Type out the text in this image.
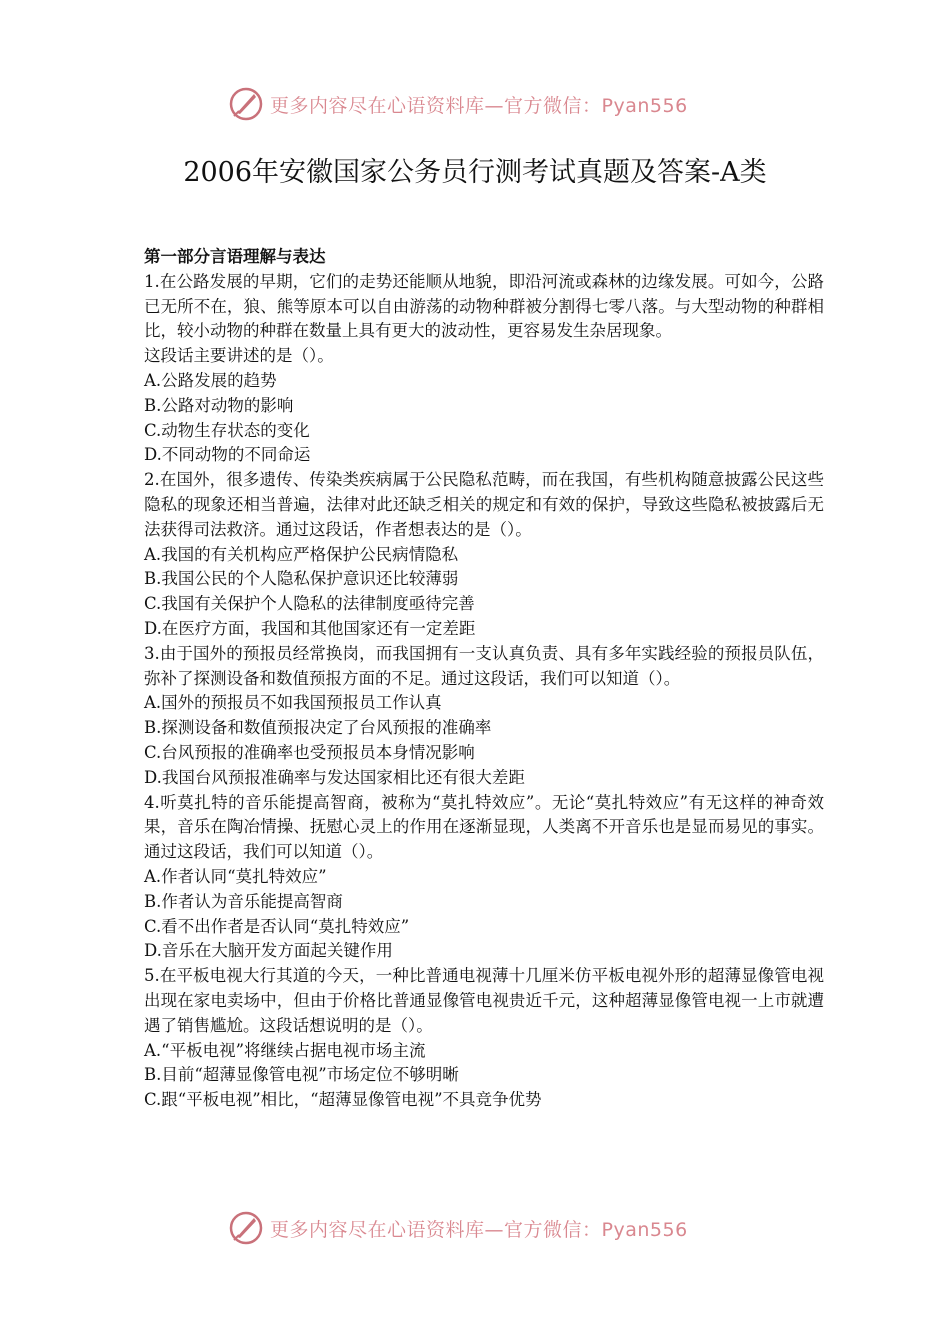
更多内容尽在心语资料库—官方微信：Pyan556
2006年安徽国家公务员行测考试真题及答案-A类

第一部分言语理解与表达

1.在公路发展的早期，它们的走势还能顺从地貌，即沿河流或森林的边缘发展。可如今，公路已无所不在，狼、熊等原本可以自由游荡的动物种群被分割得七零八落。与大型动物的种群相比，较小动物的种群在数量上具有更大的波动性，更容易发生杂居现象。

这段话主要讲述的是（）。

A.公路发展的趋势

B.公路对动物的影响

C.动物生存状态的变化

D.不同动物的不同命运

2.在国外，很多遗传、传染类疾病属于公民隐私范畴，而在我国，有些机构随意披露公民这些隐私的现象还相当普遍，法律对此还缺乏相关的规定和有效的保护，导致这些隐私被披露后无法获得司法救济。通过这段话，作者想表达的是（）。

A.我国的有关机构应严格保护公民病情隐私

B.我国公民的个人隐私保护意识还比较薄弱

C.我国有关保护个人隐私的法律制度亟待完善

D.在医疗方面，我国和其他国家还有一定差距

3.由于国外的预报员经常换岗，而我国拥有一支认真负责、具有多年实践经验的预报员队伍，弥补了探测设备和数值预报方面的不足。通过这段话，我们可以知道（）。

A.国外的预报员不如我国预报员工作认真

B.探测设备和数值预报决定了台风预报的准确率

C.台风预报的准确率也受预报员本身情况影响

D.我国台风预报准确率与发达国家相比还有很大差距

4.听莫扎特的音乐能提高智商，被称为“莫扎特效应”。无论“莫扎特效应”有无这样的神奇效果，音乐在陶冶情操、抚慰心灵上的作用在逐渐显现，人类离不开音乐也是显而易见的事实。通过这段话，我们可以知道（）。

A.作者认同“莫扎特效应”

B.作者认为音乐能提高智商

C.看不出作者是否认同“莫扎特效应”

D.音乐在大脑开发方面起关键作用

5.在平板电视大行其道的今天，一种比普通电视薄十几厘米仿平板电视外形的超薄显像管电视出现在家电卖场中，但由于价格比普通显像管电视贵近千元，这种超薄显像管电视一上市就遭遇了销售尴尬。这段话想说明的是（）。

A.“平板电视”将继续占据电视市场主流

B.目前“超薄显像管电视”市场定位不够明晰

C.跟“平板电视”相比，“超薄显像管电视”不具竞争优势

更多内容尽在心语资料库—官方微信：Pyan556
